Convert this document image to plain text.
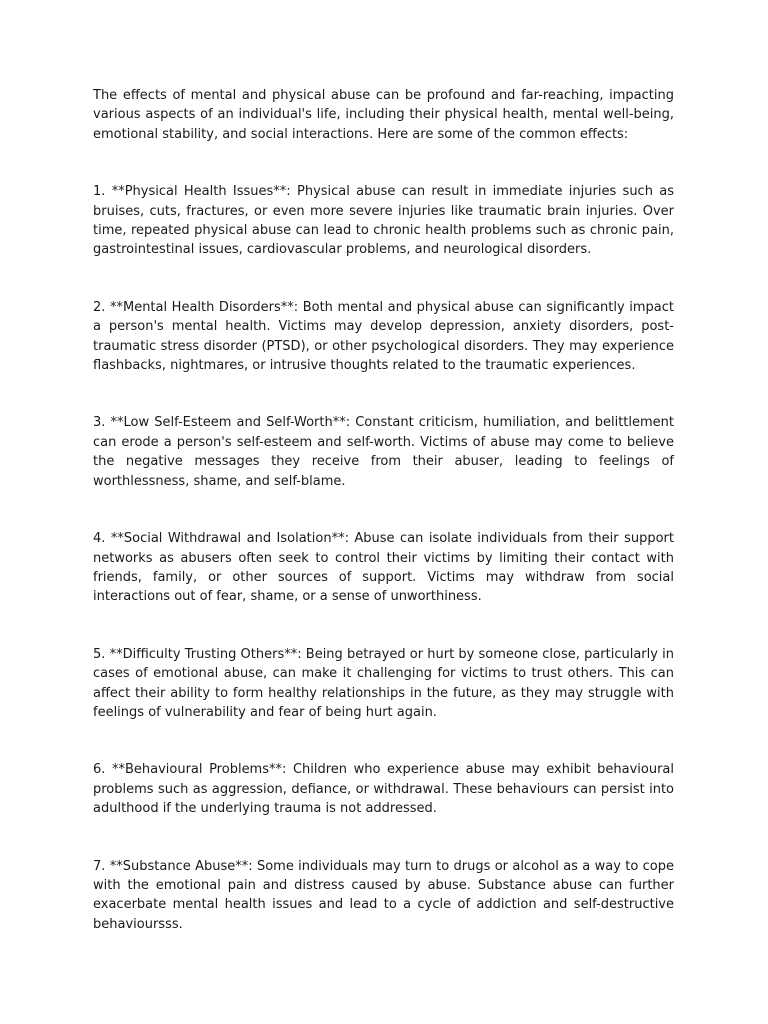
The effects of mental and physical abuse can be profound and far-reaching, impacting various aspects of an individual's life, including their physical health, mental well-being, emotional stability, and social interactions. Here are some of the common effects:

1. **Physical Health Issues**: Physical abuse can result in immediate injuries such as bruises, cuts, fractures, or even more severe injuries like traumatic brain injuries. Over time, repeated physical abuse can lead to chronic health problems such as chronic pain, gastrointestinal issues, cardiovascular problems, and neurological disorders.

2. **Mental Health Disorders**: Both mental and physical abuse can significantly impact a person's mental health. Victims may develop depression, anxiety disorders, post-traumatic stress disorder (PTSD), or other psychological disorders. They may experience flashbacks, nightmares, or intrusive thoughts related to the traumatic experiences.

3. **Low Self-Esteem and Self-Worth**: Constant criticism, humiliation, and belittlement can erode a person's self-esteem and self-worth. Victims of abuse may come to believe the negative messages they receive from their abuser, leading to feelings of worthlessness, shame, and self-blame.

4. **Social Withdrawal and Isolation**: Abuse can isolate individuals from their support networks as abusers often seek to control their victims by limiting their contact with friends, family, or other sources of support. Victims may withdraw from social interactions out of fear, shame, or a sense of unworthiness.

5. **Difficulty Trusting Others**: Being betrayed or hurt by someone close, particularly in cases of emotional abuse, can make it challenging for victims to trust others. This can affect their ability to form healthy relationships in the future, as they may struggle with feelings of vulnerability and fear of being hurt again.

6. **Behavioural Problems**: Children who experience abuse may exhibit behavioural problems such as aggression, defiance, or withdrawal. These behaviours can persist into adulthood if the underlying trauma is not addressed.

7. **Substance Abuse**: Some individuals may turn to drugs or alcohol as a way to cope with the emotional pain and distress caused by abuse. Substance abuse can further exacerbate mental health issues and lead to a cycle of addiction and self-destructive behavioursss.
